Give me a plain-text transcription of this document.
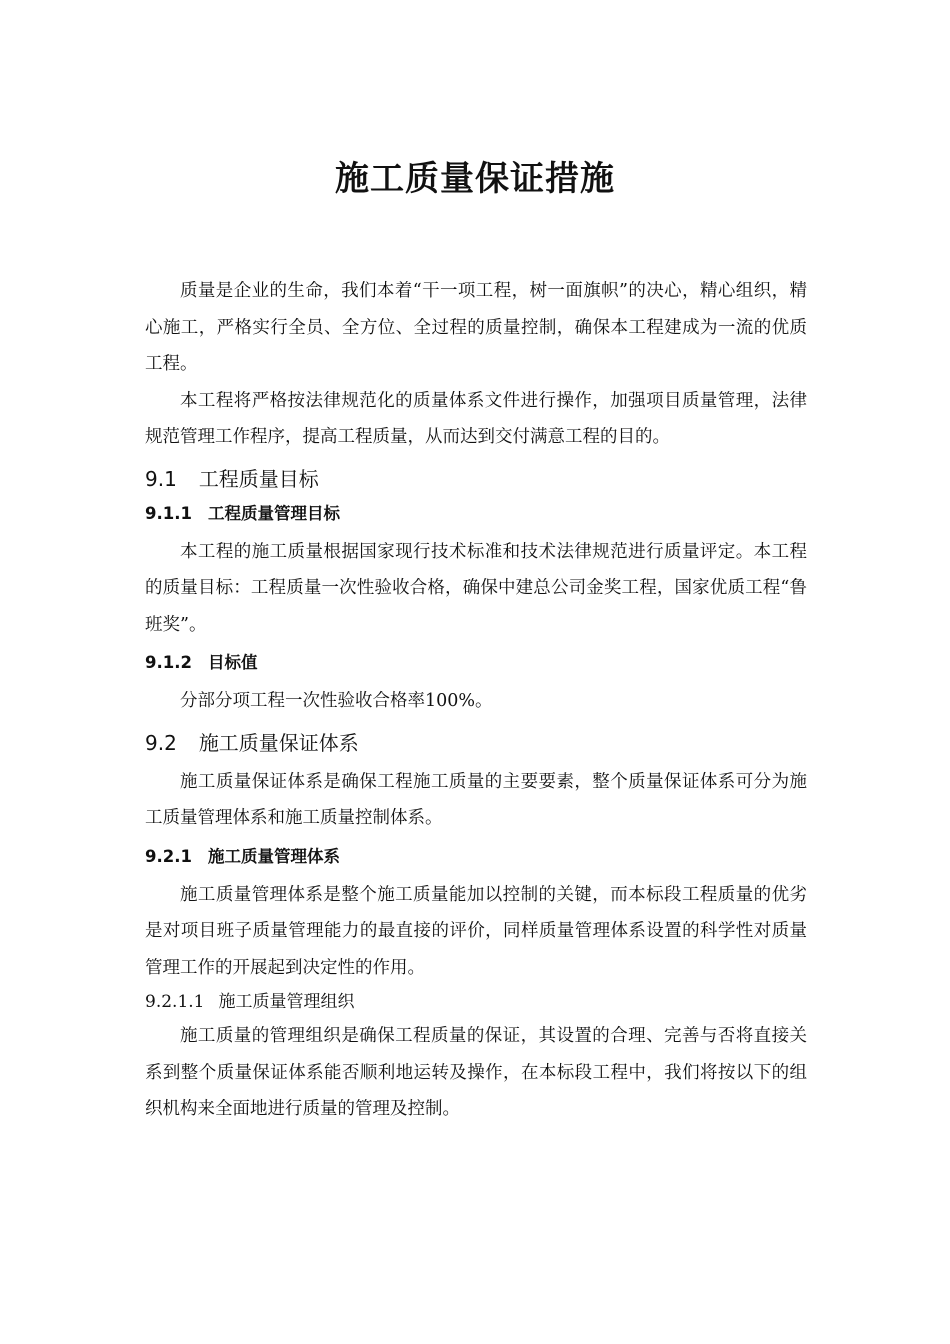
施工质量保证措施

质量是企业的生命，我们本着“干一项工程，树一面旗帜”的决心，精心组织，精心施工，严格实行全员、全方位、全过程的质量控制，确保本工程建成为一流的优质工程。

本工程将严格按法律规范化的质量体系文件进行操作，加强项目质量管理，法律规范管理工作程序，提高工程质量，从而达到交付满意工程的目的。

9.1 工程质量目标
9.1.1 工程质量管理目标

本工程的施工质量根据国家现行技术标准和技术法律规范进行质量评定。本工程的质量目标：工程质量一次性验收合格，确保中建总公司金奖工程，国家优质工程“鲁班奖”。

9.1.2 目标值

分部分项工程一次性验收合格率100%。

9.2 施工质量保证体系

施工质量保证体系是确保工程施工质量的主要要素，整个质量保证体系可分为施工质量管理体系和施工质量控制体系。

9.2.1 施工质量管理体系

施工质量管理体系是整个施工质量能加以控制的关键，而本标段工程质量的优劣是对项目班子质量管理能力的最直接的评价，同样质量管理体系设置的科学性对质量管理工作的开展起到决定性的作用。

9.2.1.1 施工质量管理组织

施工质量的管理组织是确保工程质量的保证，其设置的合理、完善与否将直接关系到整个质量保证体系能否顺利地运转及操作，在本标段工程中，我们将按以下的组织机构来全面地进行质量的管理及控制。
